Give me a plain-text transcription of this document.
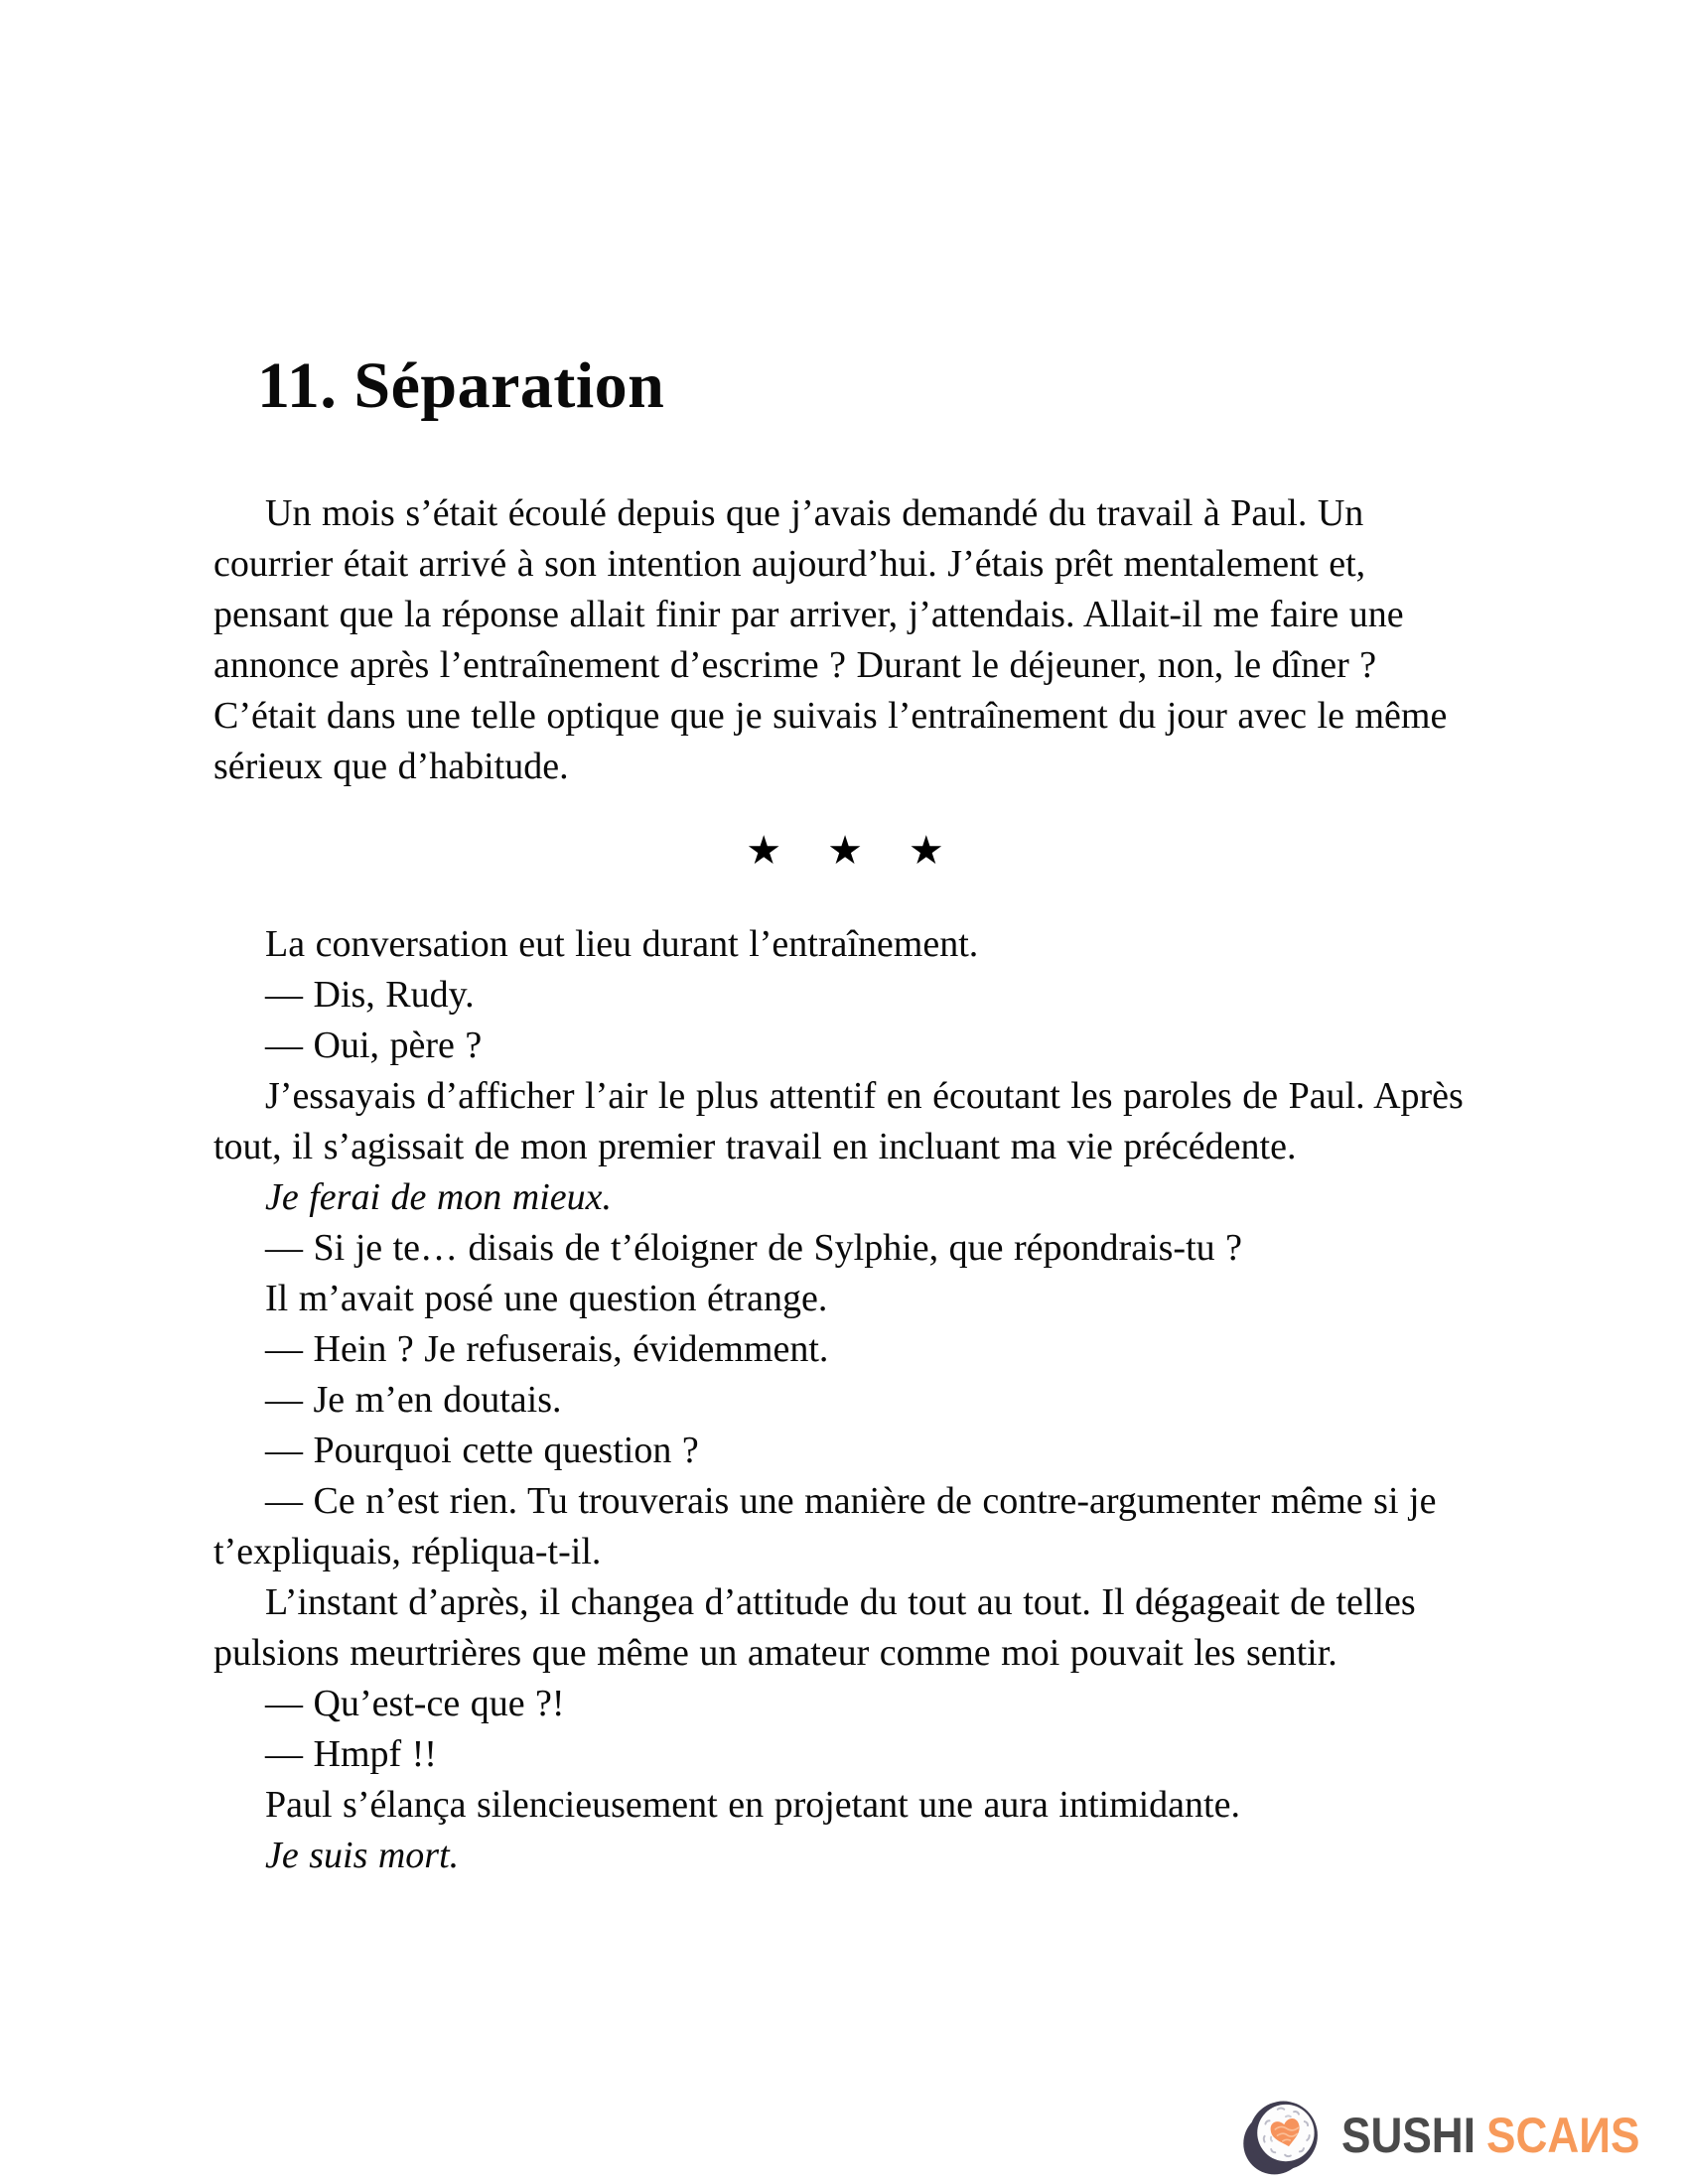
11. Séparation

Un mois s’était écoulé depuis que j’avais demandé du travail à Paul. Un courrier était arrivé à son intention aujourd’hui. J’étais prêt mentalement et, pensant que la réponse allait finir par arriver, j’attendais. Allait-il me faire une annonce après l’entraînement d’escrime ? Durant le déjeuner, non, le dîner ? C’était dans une telle optique que je suivais l’entraînement du jour avec le même sérieux que d’habitude.

★ ★ ★

La conversation eut lieu durant l’entraînement.

— Dis, Rudy.

— Oui, père ?

J’essayais d’afficher l’air le plus attentif en écoutant les paroles de Paul. Après tout, il s’agissait de mon premier travail en incluant ma vie précédente.

Je ferai de mon mieux.

— Si je te… disais de t’éloigner de Sylphie, que répondrais-tu ?

Il m’avait posé une question étrange.

— Hein ? Je refuserais, évidemment.

— Je m’en doutais.

— Pourquoi cette question ?

— Ce n’est rien. Tu trouverais une manière de contre-argumenter même si je t’expliquais, répliqua-t-il.

L’instant d’après, il changea d’attitude du tout au tout. Il dégageait de telles pulsions meurtrières que même un amateur comme moi pouvait les sentir.

— Qu’est-ce que ?!

— Hmpf !!

Paul s’élança silencieusement en projetant une aura intimidante.

Je suis mort.

SUSHI SCAИS
